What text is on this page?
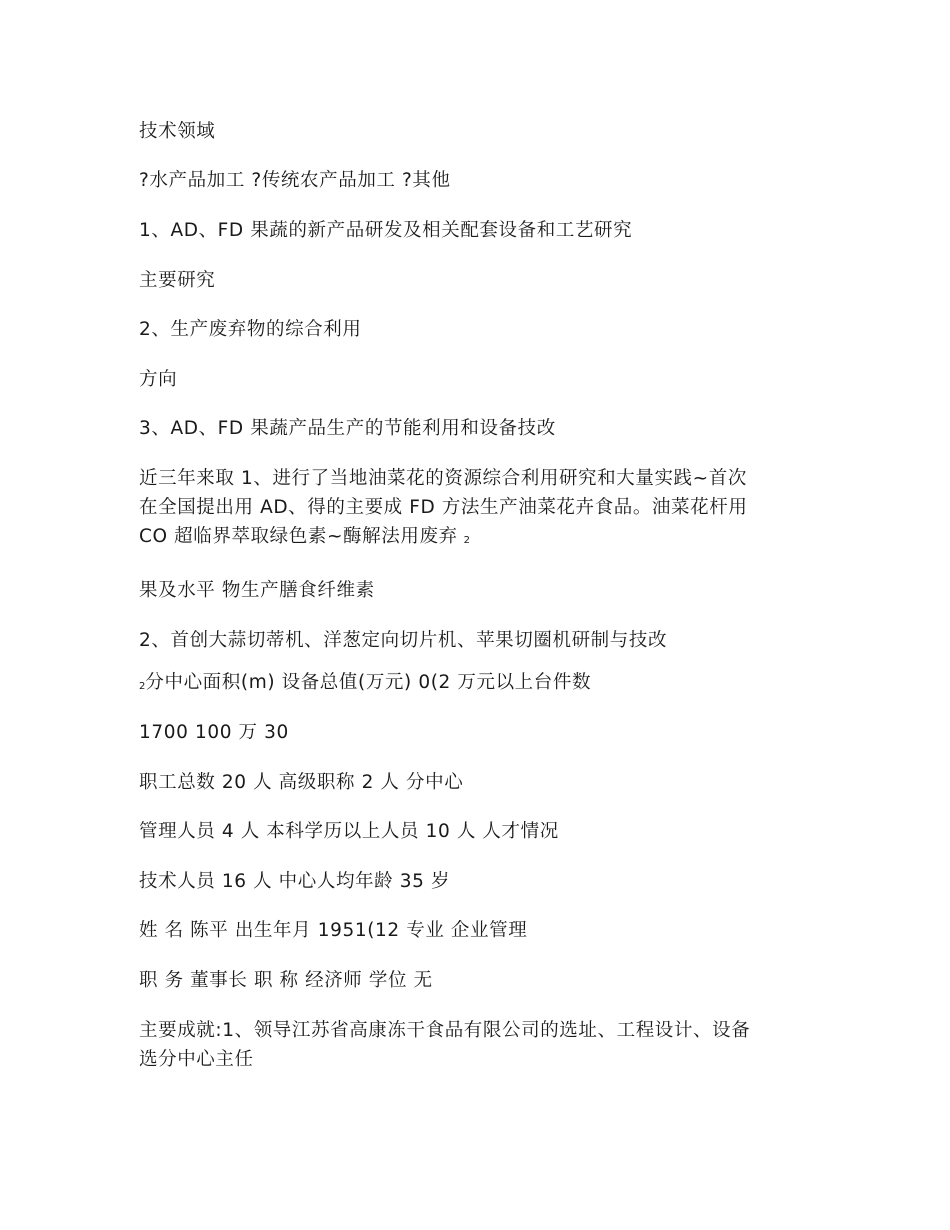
技术领域
?水产品加工 ?传统农产品加工 ?其他
1、AD、FD 果蔬的新产品研发及相关配套设备和工艺研究
主要研究
2、生产废弃物的综合利用
方向
3、AD、FD 果蔬产品生产的节能利用和设备技改
近三年来取 1、进行了当地油菜花的资源综合利用研究和大量实践~首次
在全国提出用 AD、得的主要成 FD 方法生产油菜花卉食品。油菜花杆用
CO 超临界萃取绿色素~酶解法用废弃 2
果及水平 物生产膳食纤维素
2、首创大蒜切蒂机、洋葱定向切片机、苹果切圈机研制与技改
2分中心面积(m) 设备总值(万元) 0(2 万元以上台件数
1700 100 万 30
职工总数 20 人 高级职称 2 人 分中心
管理人员 4 人 本科学历以上人员 10 人 人才情况
技术人员 16 人 中心人均年龄 35 岁
姓 名 陈平 出生年月 1951(12 专业 企业管理
职 务 董事长 职 称 经济师 学位 无
主要成就:1、领导江苏省高康冻干食品有限公司的选址、工程设计、设备
选分中心主任
